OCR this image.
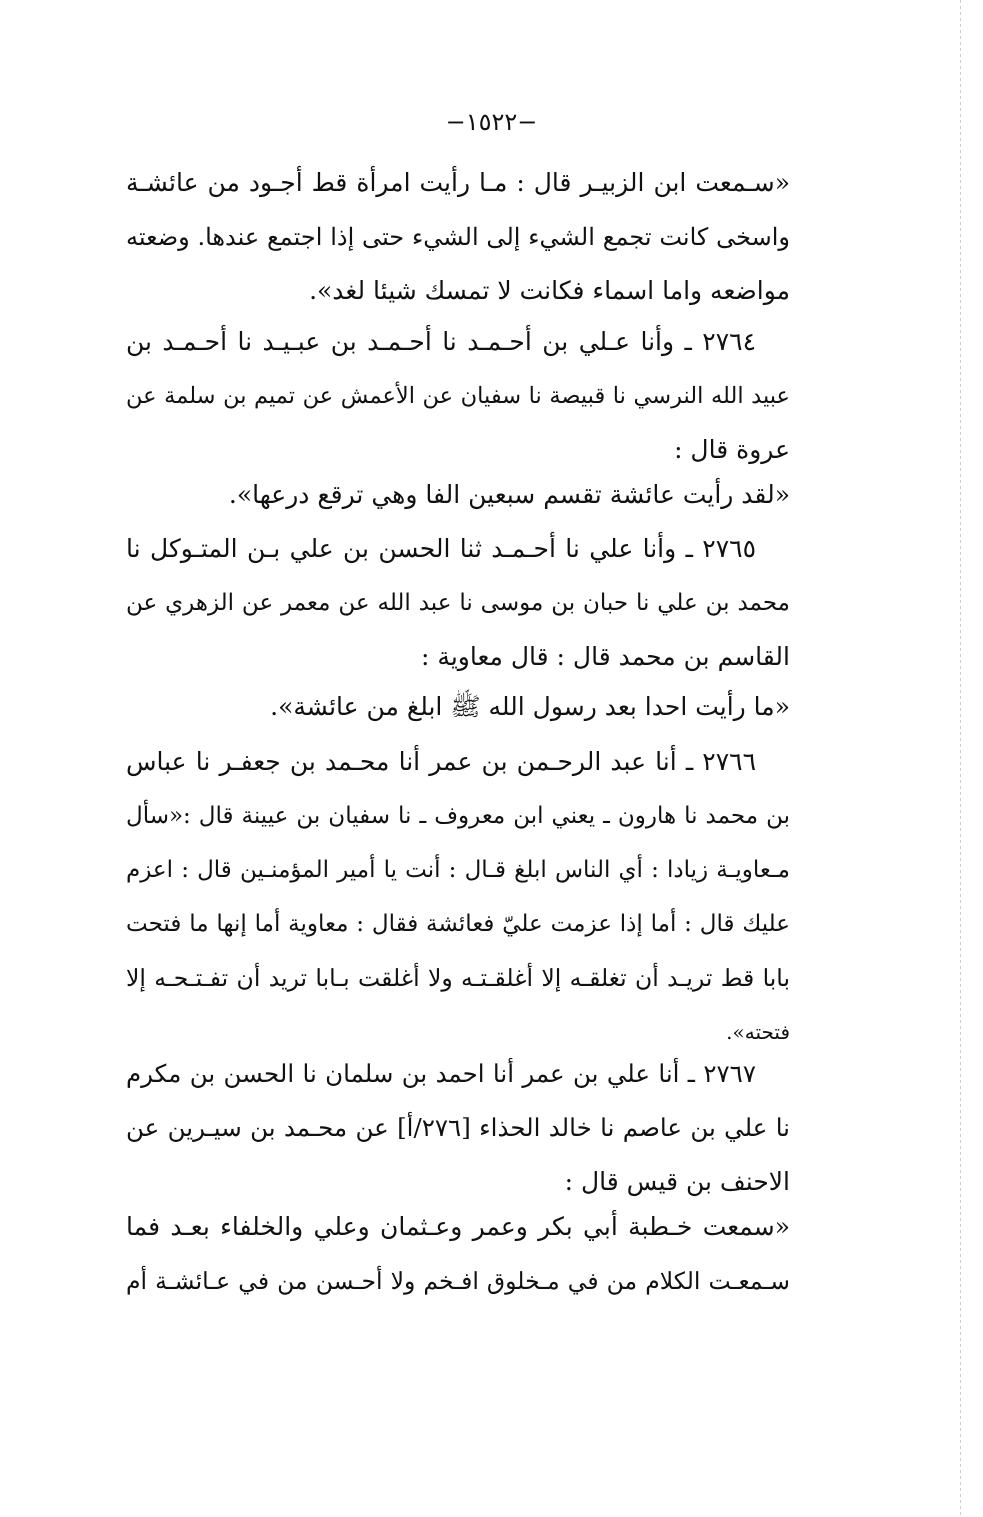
−١٥٢٢−
«سـمعت ابن الزبيـر قال : مـا رأيت امرأة قط أجـود من عائشـة
واسخى كانت تجمع الشيء إلى الشيء حتى إذا اجتمع عندها. وضعته
مواضعه واما اسماء فكانت لا تمسك شيئا لغد».
٢٧٦٤ ـ وأنا عـلي بن أحـمـد نا أحـمـد بن عبـيـد نا أحـمـد بن
عبيد الله النرسي نا قبيصة نا سفيان عن الأعمش عن تميم بن سلمة عن
عروة قال :
«لقد رأيت عائشة تقسم سبعين الفا وهي ترقع درعها».
٢٧٦٥ ـ وأنا علي نا أحـمـد ثنا الحسن بن علي بـن المتـوكل نا
محمد بن علي نا حبان بن موسى نا عبد الله عن معمر عن الزهري عن
القاسم بن محمد قال : قال معاوية :
«ما رأيت احدا بعد رسول الله ﷺ ابلغ من عائشة».
٢٧٦٦ ـ أنا عبد الرحـمن بن عمر أنا محـمد بن جعفـر نا عباس
بن محمد نا هارون ـ يعني ابن معروف ـ نا سفيان بن عيينة قال :«سأل
مـعاويـة زيادا : أي الناس ابلغ قـال : أنت يا أمير المؤمنـين قال : اعزم
عليك قال : أما إذا عزمت عليّ فعائشة فقال : معاوية أما إنها ما فتحت
بابا قط تريـد أن تغلقـه إلا أغلقـتـه ولا أغلقت بـابا تريد أن تفـتـحـه إلا
فتحته».
٢٧٦٧ ـ أنا علي بن عمر أنا احمد بن سلمان نا الحسن بن مكرم
نا علي بن عاصم نا خالد الحذاء [٢٧٦/أ] عن محـمد بن سيـرين عن
الاحنف بن قيس قال :
«سمعت خـطبة أبي بكر وعمر وعـثمان وعلي والخلفاء بعـد فما
سـمعـت الكلام من في مـخلوق افـخم ولا أحـسن من في عـائشـة أم
